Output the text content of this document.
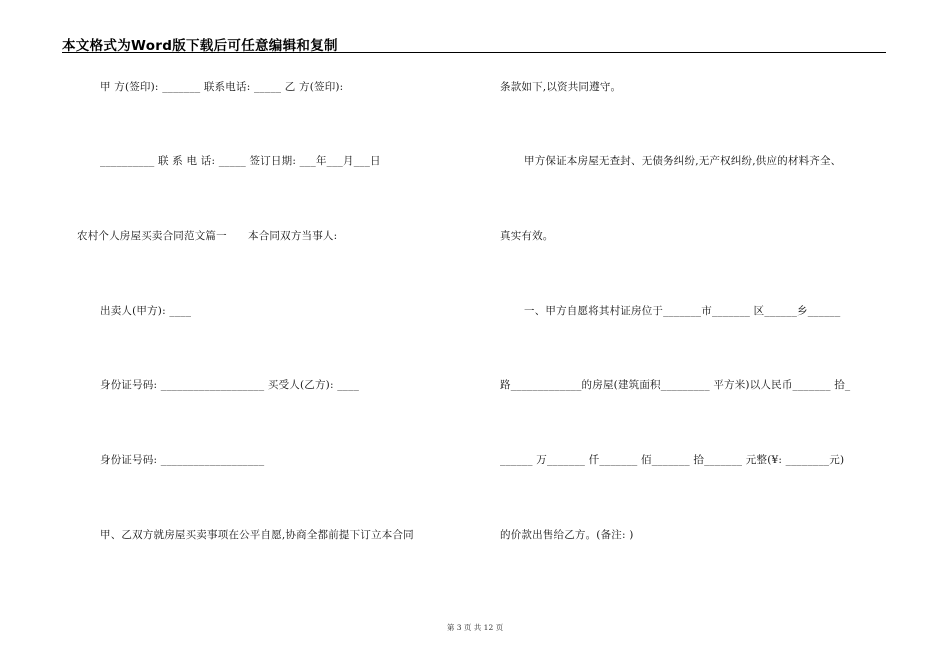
本文格式为Word版下载后可任意编辑和复制
甲 方(签印): _______ 联系电话: _____ 乙 方(签印):
__________ 联 系 电 话: _____ 签订日期: ___年___月___日
农村个人房屋买卖合同范文篇一      本合同双方当事人:
出卖人(甲方): ____
身份证号码: ___________________ 买受人(乙方): ____
身份证号码: ___________________
甲、乙双方就房屋买卖事项在公平自愿,协商全都前提下订立本合同
条款如下,以资共同遵守。
甲方保证本房屋无查封、无债务纠纷,无产权纠纷,供应的材料齐全、
真实有效。
一、甲方自愿将其村证房位于_______市_______ 区______乡______
路_____________的房屋(建筑面积_________ 平方米)以人民币_______ 拾_
______ 万_______ 仟_______ 佰_______ 拾_______ 元整(¥: ________元)
的价款出售给乙方。(备注: )
第 3 页 共 12 页
